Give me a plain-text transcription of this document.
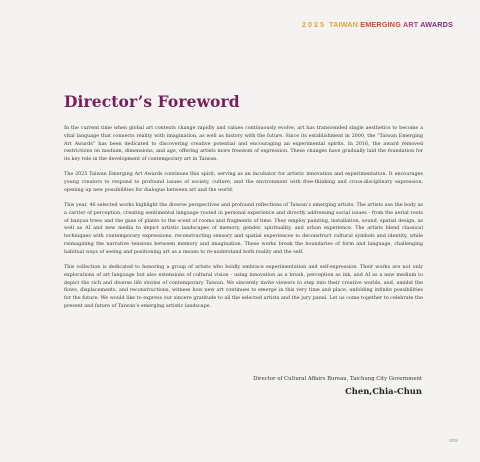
2025 TAIWAN EMERGING ART AWARDS
Director’s Foreword

In the current time when global art contexts change rapidly and values continuously evolve, art has transcended single aesthetics to become a vital language that connects reality with imagination, as well as history with the future. Since its establishment in 2000, the “Taiwan Emerging Art Awards” has been dedicated to discovering creative potential and encouraging an experimental spirits. In 2016, the award removed restrictions on medium, dimensions, and age, offering artists more freedom of expression. These changes have gradually laid the foundation for its key role in the development of contemporary art in Taiwan.

The 2025 Taiwan Emerging Art Awards continues this spirit, serving as an incubator for artistic innovation and experimentation. It encourages young creators to respond to profound issues of society, culture, and the environment with free-thinking and cross-disciplinary expression, opening up new possibilities for dialogue between art and the world.

This year, 46 selected works highlight the diverse perspectives and profound reflections of Taiwan’s emerging artists. The artists use the body as a carrier of perception, creating sentimental language rooted in personal experience and directly addressing social issues - from the aerial roots of banyan trees and the gaze of plants to the scent of rooms and fragments of time. They employ painting, installation, sound, spatial design, as well as AI and new media to depict artistic landscapes of memory, gender, spirituality, and urban experience. The artists blend classical techniques with contemporary expressions, reconstructing sensory and spatial experiences to deconstruct cultural symbols and identity, while reimagining the narrative tensions between memory and imagination. These works break the boundaries of form and language, challenging habitual ways of seeing and positioning art as a means to re-understand both reality and the self.

This collection is dedicated to honoring a group of artists who boldly embrace experimentation and self-expression. Their works are not only explorations of art language but also extensions of cultural vision - using innovation as a brush, perception as ink, and AI as a new medium to depict the rich and diverse life stories of contemporary Taiwan. We sincerely invite viewers to step into their creative worlds, and, amidst the flows, displacements, and reconstructions, witness how new art continues to emerge in this very time and place, unfolding infinite possibilities for the future. We would like to express our sincere gratitude to all the selected artists and the jury panel. Let us come together to celebrate the present and future of Taiwan’s emerging artistic landscape.

Director of Cultural Affairs Bureau, Taichung City Government
Chen,Chia-Chun
005
